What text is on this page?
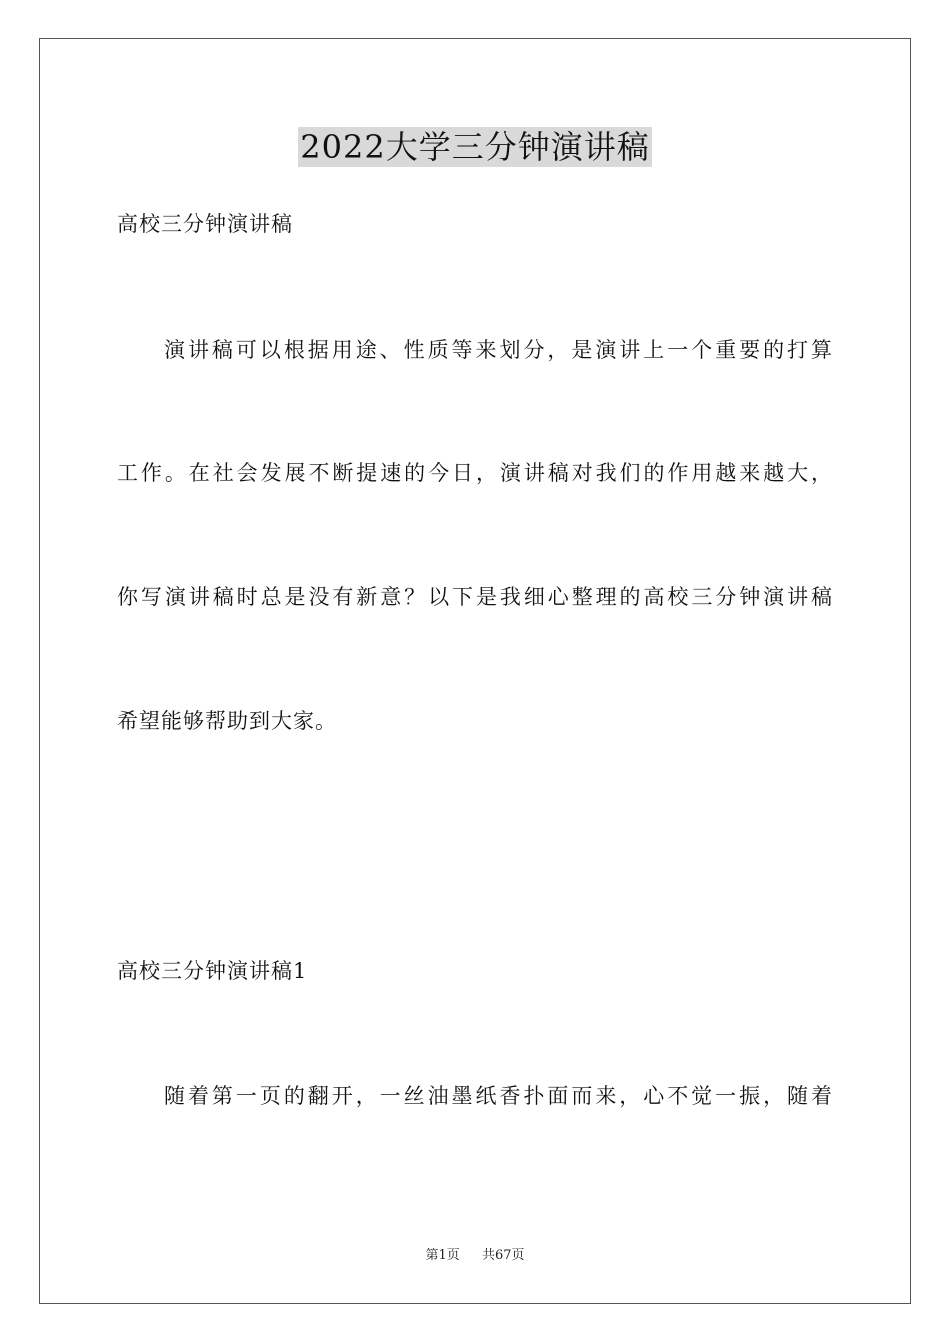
2022大学三分钟演讲稿
高校三分钟演讲稿
演讲稿可以根据用途、性质等来划分，是演讲上一个重要的打算
工作。在社会发展不断提速的今日，演讲稿对我们的作用越来越大，
你写演讲稿时总是没有新意？以下是我细心整理的高校三分钟演讲稿
希望能够帮助到大家。
高校三分钟演讲稿1
随着第一页的翻开，一丝油墨纸香扑面而来，心不觉一振，随着
第1页 共67页
